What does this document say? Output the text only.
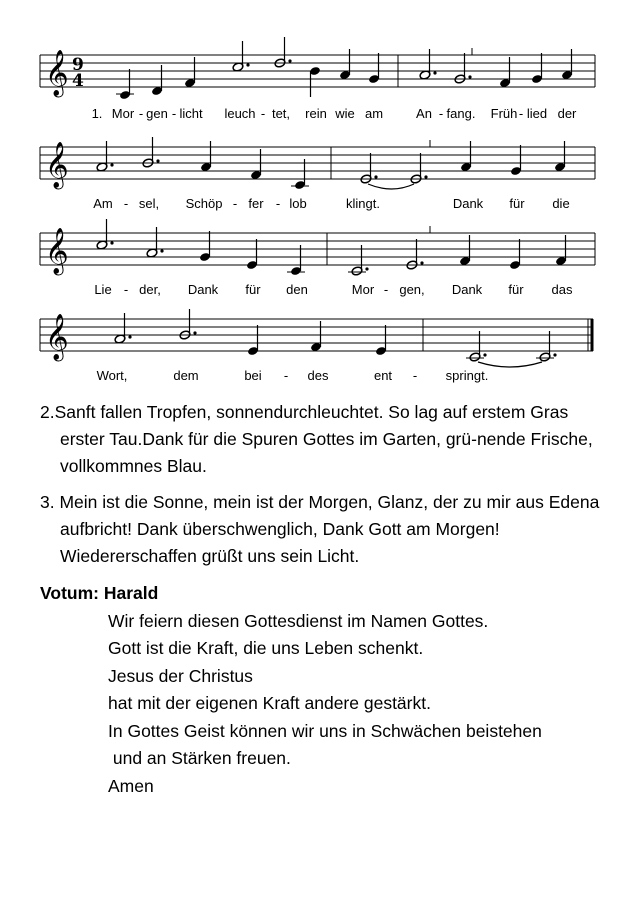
𝄞 9
4
1. Mor - gen - licht leuch - tet, rein wie am	An - fang. Früh - lied der
𝄞
Am - sel, Schöp - fer - lob	klingt.	Dank für die
𝄞
Lie - der, Dank für den	Mor - gen, Dank für das
𝄞
Wort,	dem	bei - des	ent - springt.
2.Sanft fallen Tropfen, sonnendurchleuchtet. So lag auf erstem Gras erster Tau.Dank für die Spuren Gottes im Garten, grü-nende Frische, vollkommnes Blau.
3. Mein ist die Sonne, mein ist der Morgen, Glanz, der zu mir aus Edena aufbricht! Dank überschwenglich, Dank Gott am Morgen! Wiedererschaffen grüßt uns sein Licht.
Votum: Harald
Wir feiern diesen Gottesdienst im Namen Gottes.
Gott ist die Kraft, die uns Leben schenkt.
Jesus der Christus
hat mit der eigenen Kraft andere gestärkt.
In Gottes Geist können wir uns in Schwächen beistehen
und an Stärken freuen.
Amen
